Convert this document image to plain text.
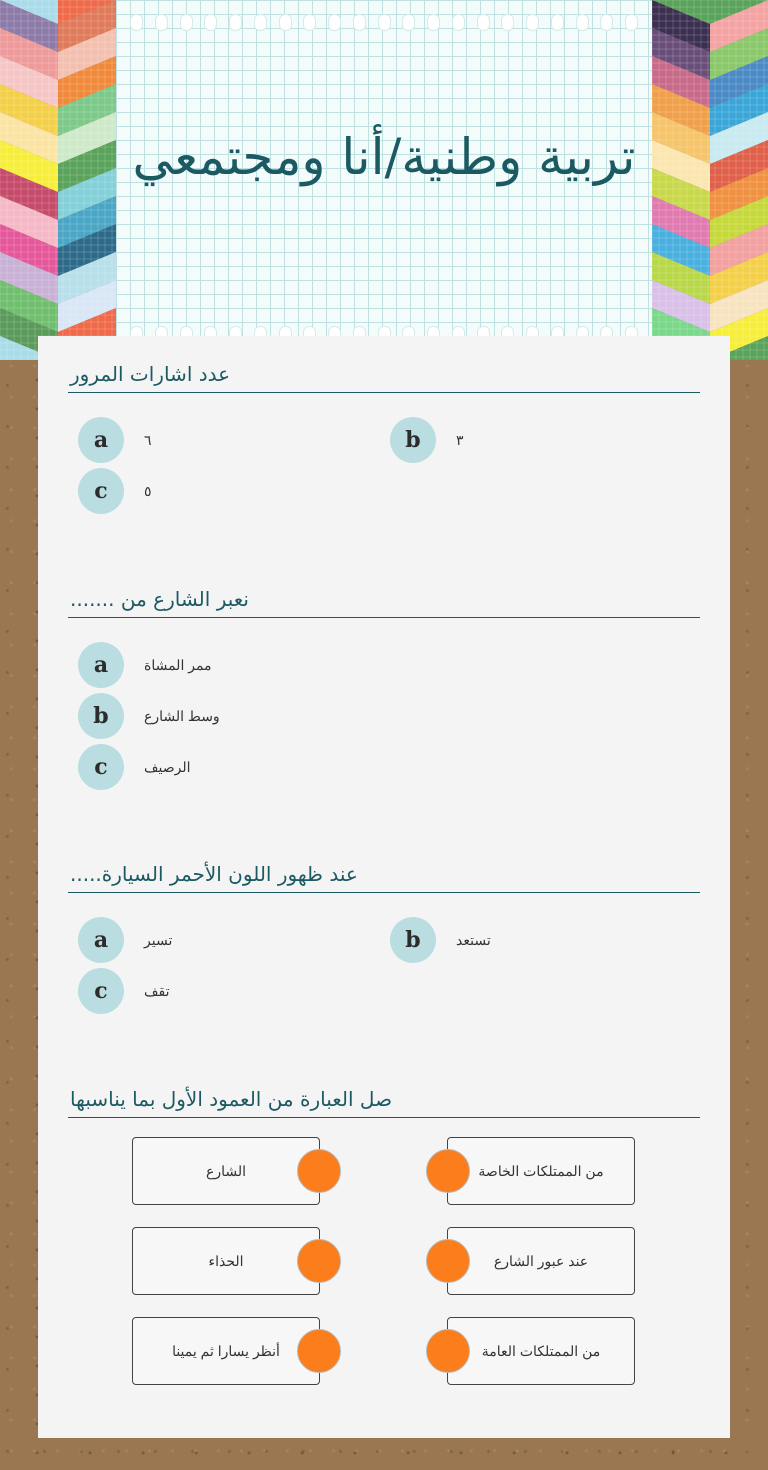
تربية وطنية/أنا ومجتمعي
عدد اشارات المرور
a	٦	b	٣
c	٥
نعبر الشارع من .......
a	ممر المشاة
b	وسط الشارع
c	الرصيف
عند ظهور اللون الأحمر السيارة.....
a	تسير	b	تستعد
c	تقف
صل العبارة من العمود الأول بما يناسبها
الشارع	من الممتلكات الخاصة
الحذاء	عند عبور الشارع
أنظر يسارا ثم يمينا	من الممتلكات العامة
